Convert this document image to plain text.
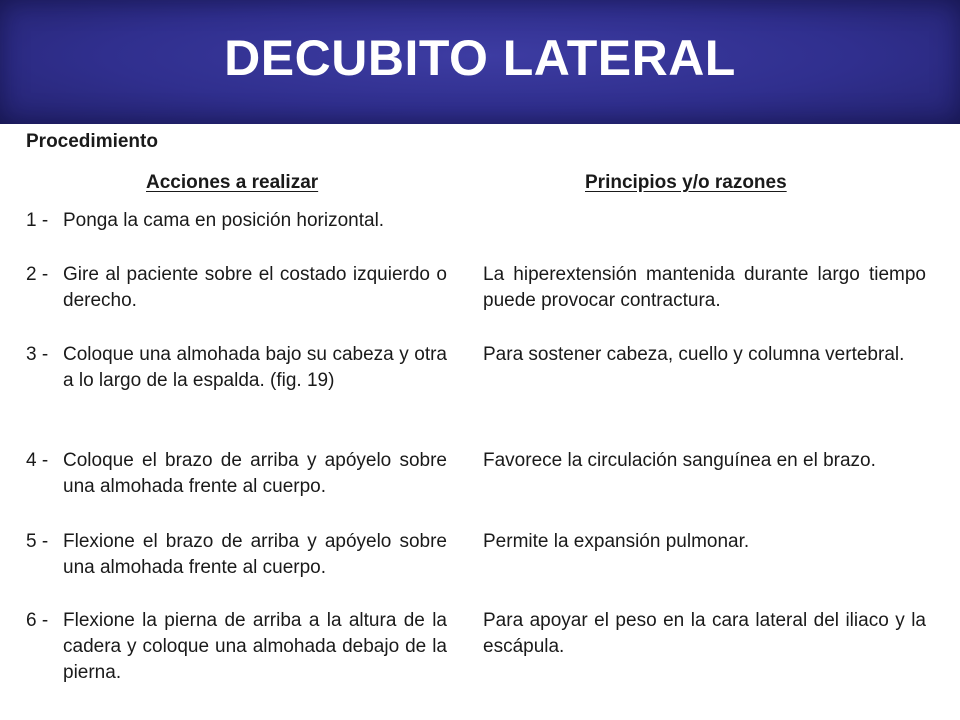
DECUBITO LATERAL
Procedimiento
Acciones a realizar	Principios y/o razones
1 - Ponga la cama en posición horizontal.
2 - Gire al paciente sobre el costado izquierdo o derecho.
La hiperextensión mantenida durante largo tiempo puede provocar contractura.
3 - Coloque una almohada bajo su cabeza y otra a lo largo de la espalda. (fig. 19)
Para sostener cabeza, cuello y columna vertebral.
4 - Coloque el brazo de arriba y apóyelo sobre una almohada frente al cuerpo.
Favorece la circulación sanguínea en el brazo.
5 - Flexione el brazo de arriba y apóyelo sobre una almohada frente al cuerpo.
Permite la expansión pulmonar.
6 - Flexione la pierna de arriba a la altura de la cadera y coloque una almohada debajo de la pierna.
Para apoyar el peso en la cara lateral del iliaco y la escápula.
